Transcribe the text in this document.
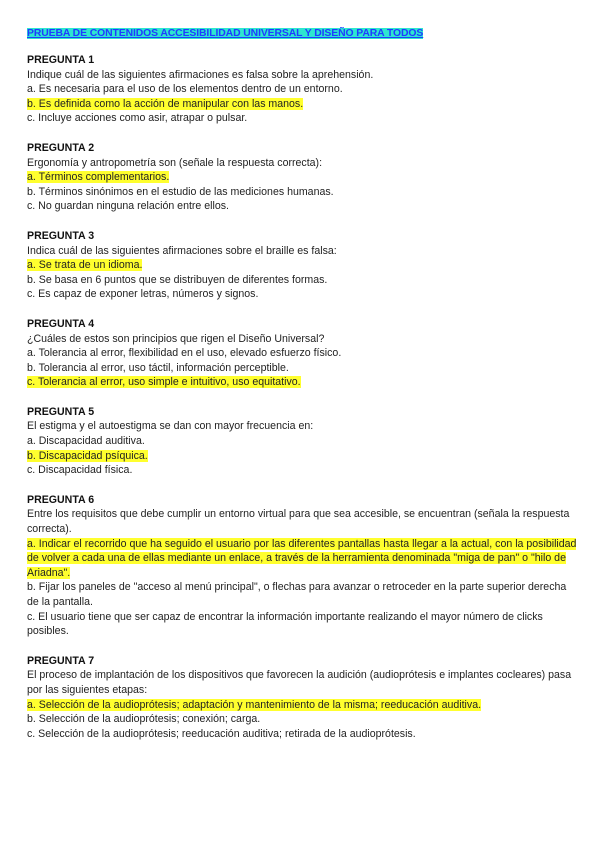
PRUEBA DE CONTENIDOS ACCESIBILIDAD UNIVERSAL Y DISEÑO PARA TODOS
PREGUNTA 1
Indique cuál de las siguientes afirmaciones es falsa sobre la aprehensión.
a. Es necesaria para el uso de los elementos dentro de un entorno.
b. Es definida como la acción de manipular con las manos.
c. Incluye acciones como asir, atrapar o pulsar.
PREGUNTA 2
Ergonomía y antropometría son (señale la respuesta correcta):
a. Términos complementarios.
b. Términos sinónimos en el estudio de las mediciones humanas.
c. No guardan ninguna relación entre ellos.
PREGUNTA 3
Indica cuál de las siguientes afirmaciones sobre el braille es falsa:
a. Se trata de un idioma.
b. Se basa en 6 puntos que se distribuyen de diferentes formas.
c. Es capaz de exponer letras, números y signos.
PREGUNTA 4
¿Cuáles de estos son principios que rigen el Diseño Universal?
a. Tolerancia al error, flexibilidad en el uso, elevado esfuerzo físico.
b. Tolerancia al error, uso táctil, información perceptible.
c. Tolerancia al error, uso simple e intuitivo, uso equitativo.
PREGUNTA 5
El estigma y el autoestigma se dan con mayor frecuencia en:
a. Discapacidad auditiva.
b. Discapacidad psíquica.
c. Discapacidad física.
PREGUNTA 6
Entre los requisitos que debe cumplir un entorno virtual para que sea accesible, se encuentran (señala la respuesta correcta).
a. Indicar el recorrido que ha seguido el usuario por las diferentes pantallas hasta llegar a la actual, con la posibilidad de volver a cada una de ellas mediante un enlace, a través de la herramienta denominada "miga de pan" o "hilo de Ariadna".
b. Fijar los paneles de "acceso al menú principal", o flechas para avanzar o retroceder en la parte superior derecha de la pantalla.
c. El usuario tiene que ser capaz de encontrar la información importante realizando el mayor número de clicks posibles.
PREGUNTA 7
El proceso de implantación de los dispositivos que favorecen la audición (audioprótesis e implantes cocleares) pasa por las siguientes etapas:
a. Selección de la audioprótesis; adaptación y mantenimiento de la misma; reeducación auditiva.
b. Selección de la audioprótesis; conexión; carga.
c. Selección de la audioprótesis; reeducación auditiva; retirada de la audioprótesis.
